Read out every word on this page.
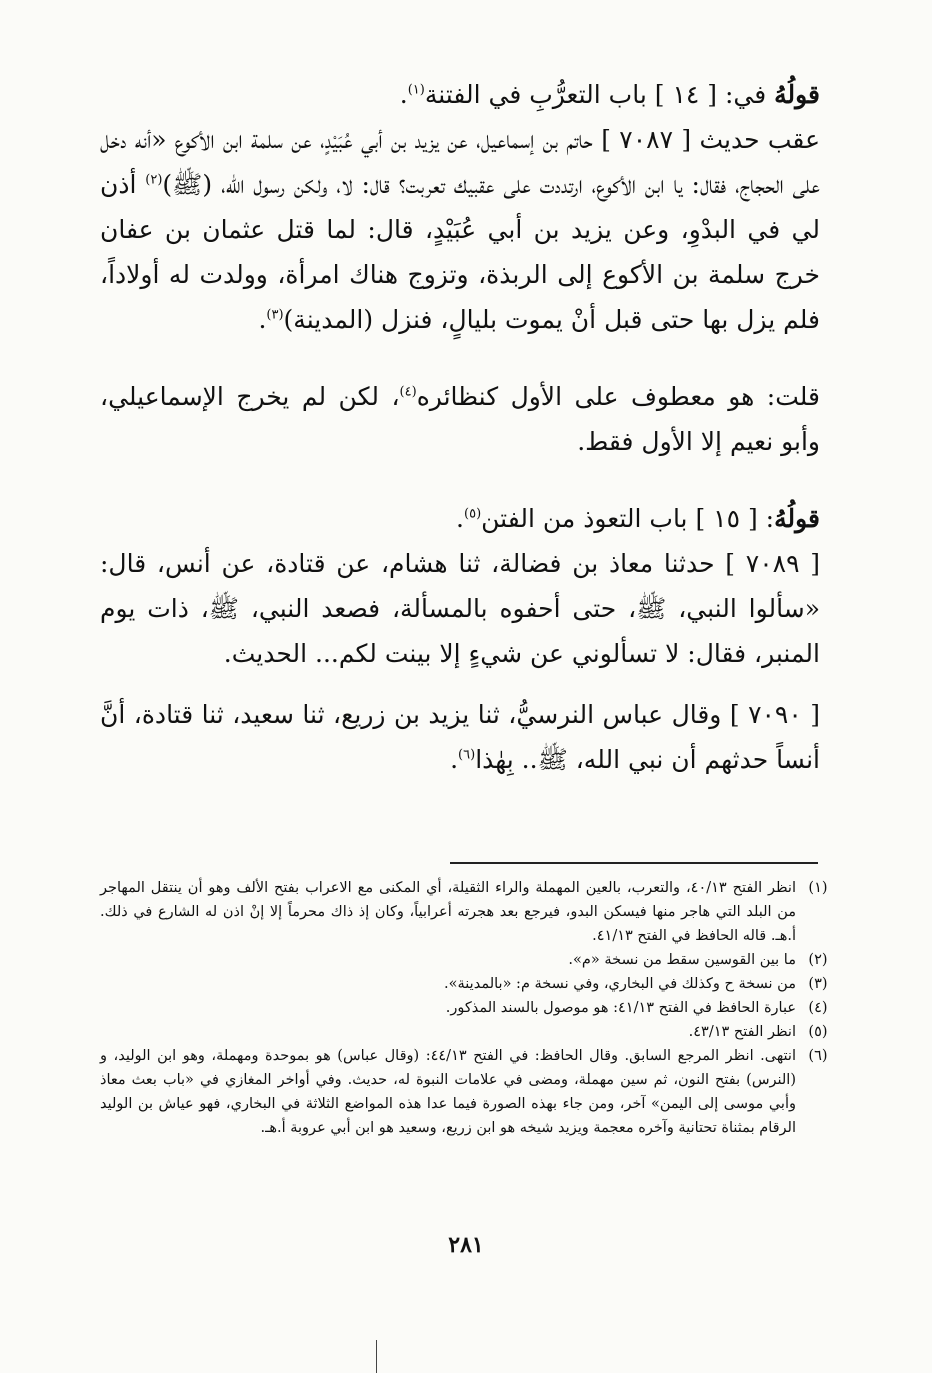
قولُهُ في: [ ١٤ ] باب التعرُّبِ في الفتنة$^{(١)}$.

عقب حديث [ ٧٠٨٧ ] حاتم بن إسماعيل، عن يزيد بن أبي عُبَيْدٍ، عن سلمة ابن الأكوع «أنه دخل على الحجاج، فقال: يا ابن الأكوع، ارتددت على عقبيك تعربت؟ قال: لا، ولكن رسول الله، (ﷺ)$^{(٢)}$ أذن لي في البدْوِ، وعن يزيد بن أبي عُبَيْدٍ، قال: لما قتل عثمان بن عفان خرج سلمة بن الأكوع إلى الربذة، وتزوج هناك امرأة، وولدت له أولاداً، فلم يزل بها حتى قبل أنْ يموت بليالٍ، فنزل (المدينة)$^{(٣)}$.

قلت: هو معطوف على الأول كنظائره$^{(٤)}$، لكن لم يخرج الإسماعيلي، وأبو نعيم إلا الأول فقط.

قولُهُ: [ ١٥ ] باب التعوذ من الفتن$^{(٥)}$.

[ ٧٠٨٩ ] حدثنا معاذ بن فضالة، ثنا هشام، عن قتادة، عن أنس، قال: «سألوا النبي، ﷺ، حتى أحفوه بالمسألة، فصعد النبي، ﷺ، ذات يوم المنبر، فقال: لا تسألوني عن شيءٍ إلا بينت لكم... الحديث.

[ ٧٠٩٠ ] وقال عباس النرسيُّ، ثنا يزيد بن زريع، ثنا سعيد، ثنا قتادة، أنَّ أنساً حدثهم أن نبي الله، ﷺ.. بِهٰذا$^{(٦)}$.

(١)
انظر الفتح ٤٠/١٣، والتعرب، بالعين المهملة والراء الثقيلة، أي المكنى مع الاعراب بفتح الألف وهو أن ينتقل المهاجر من البلد التي هاجر منها فيسكن البدو، فيرجع بعد هجرته أعرابياً، وكان إذ ذاك محرماً إلا إنْ اذن له الشارع في ذلك. أ.هـ. قاله الحافظ في الفتح ٤١/١٣.
(٢)
ما بين القوسين سقط من نسخة «م».
(٣)
من نسخة ح وكذلك في البخاري، وفي نسخة م: «بالمدينة».
(٤)
عبارة الحافظ في الفتح ٤١/١٣: هو موصول بالسند المذكور.
(٥)
انظر الفتح ٤٣/١٣.
(٦)
انتهى. انظر المرجع السابق. وقال الحافظ: في الفتح ٤٤/١٣: (وقال عباس) هو بموحدة ومهملة، وهو ابن الوليد، و (النرس) بفتح النون، ثم سين مهملة، ومضى في علامات النبوة له، حديث. وفي أواخر المغازي في «باب بعث معاذ وأبي موسى إلى اليمن» آخر، ومن جاء بهذه الصورة فيما عدا هذه المواضع الثلاثة في البخاري، فهو عياش بن الوليد الرقام بمثناة تحتانية وآخره معجمة ويزيد شيخه هو ابن زريع، وسعيد هو ابن أبي عروبة أ.هـ.
٢٨١
